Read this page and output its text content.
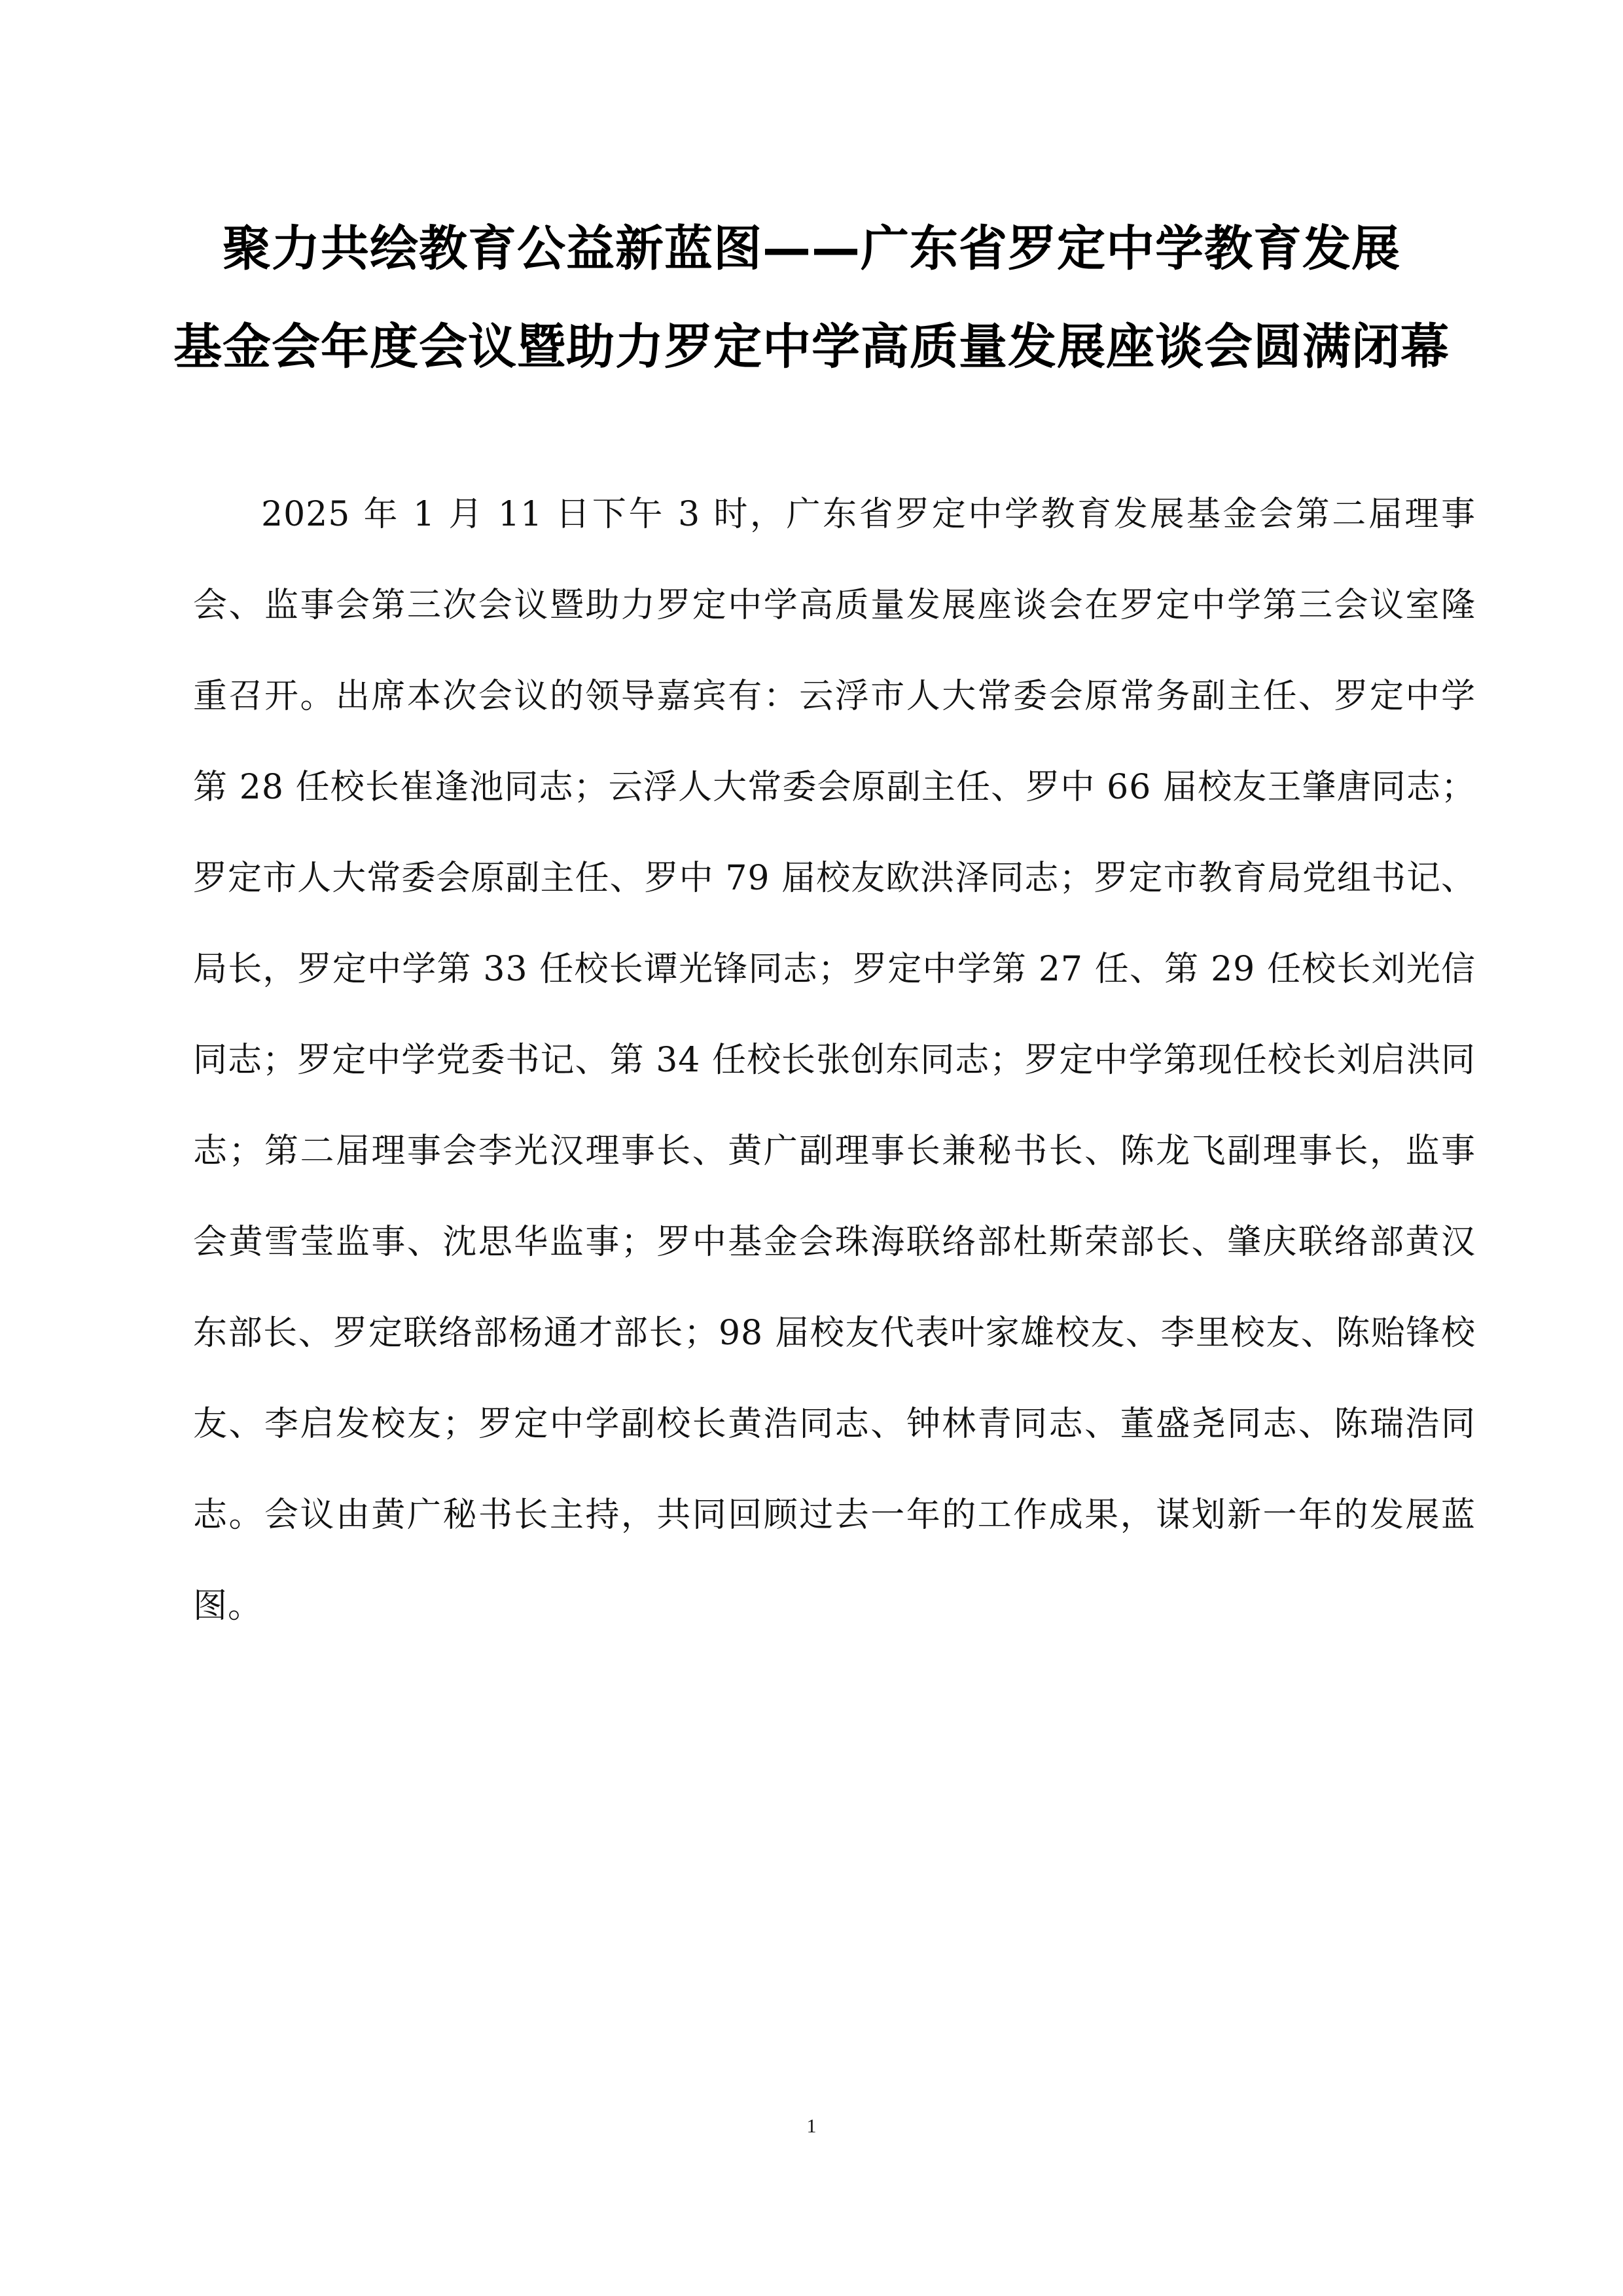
聚力共绘教育公益新蓝图——广东省罗定中学教育发展
基金会年度会议暨助力罗定中学高质量发展座谈会圆满闭幕

2025 年 1 月 11 日下午 3 时，广东省罗定中学教育发展基金会第二届理事会、监事会第三次会议暨助力罗定中学高质量发展座谈会在罗定中学第三会议室隆重召开。出席本次会议的领导嘉宾有：云浮市人大常委会原常务副主任、罗定中学第 28 任校长崔逢池同志；云浮人大常委会原副主任、罗中 66 届校友王肇唐同志；罗定市人大常委会原副主任、罗中 79 届校友欧洪泽同志；罗定市教育局党组书记、局长，罗定中学第 33 任校长谭光锋同志；罗定中学第 27 任、第 29 任校长刘光信同志；罗定中学党委书记、第 34 任校长张创东同志；罗定中学第现任校长刘启洪同志；第二届理事会李光汉理事长、黄广副理事长兼秘书长、陈龙飞副理事长，监事会黄雪莹监事、沈思华监事；罗中基金会珠海联络部杜斯荣部长、肇庆联络部黄汉东部长、罗定联络部杨通才部长；98 届校友代表叶家雄校友、李里校友、陈贻锋校友、李启发校友；罗定中学副校长黄浩同志、钟林青同志、董盛尧同志、陈瑞浩同志。会议由黄广秘书长主持，共同回顾过去一年的工作成果，谋划新一年的发展蓝图。

1
